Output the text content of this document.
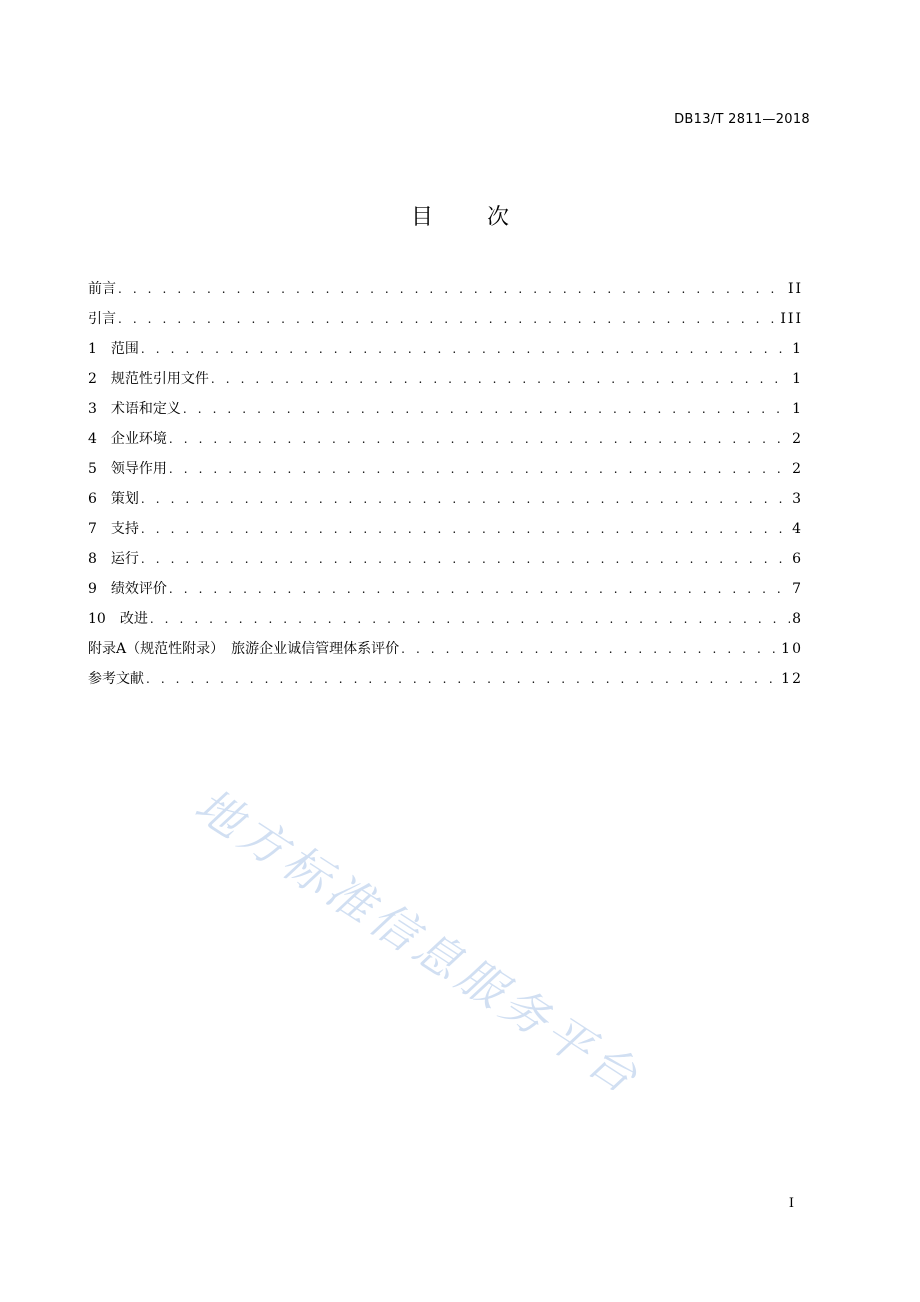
DB13/T 2811—2018
目次
前言 . . .	II
引言 . . .	III
1 范围 . . .	1
2 规范性引用文件 . . .	1
3 术语和定义 . . .	1
4 企业环境 . . .	2
5 领导作用 . . .	2
6 策划 . . .	3
7 支持 . . .	4
8 运行 . . .	6
9 绩效评价 . . .	7
10 改进 . . .	8
附录A（规范性附录）　旅游企业诚信管理体系评价 . . .	10
参考文献 . . .	12
地方标准信息服务平台
I
